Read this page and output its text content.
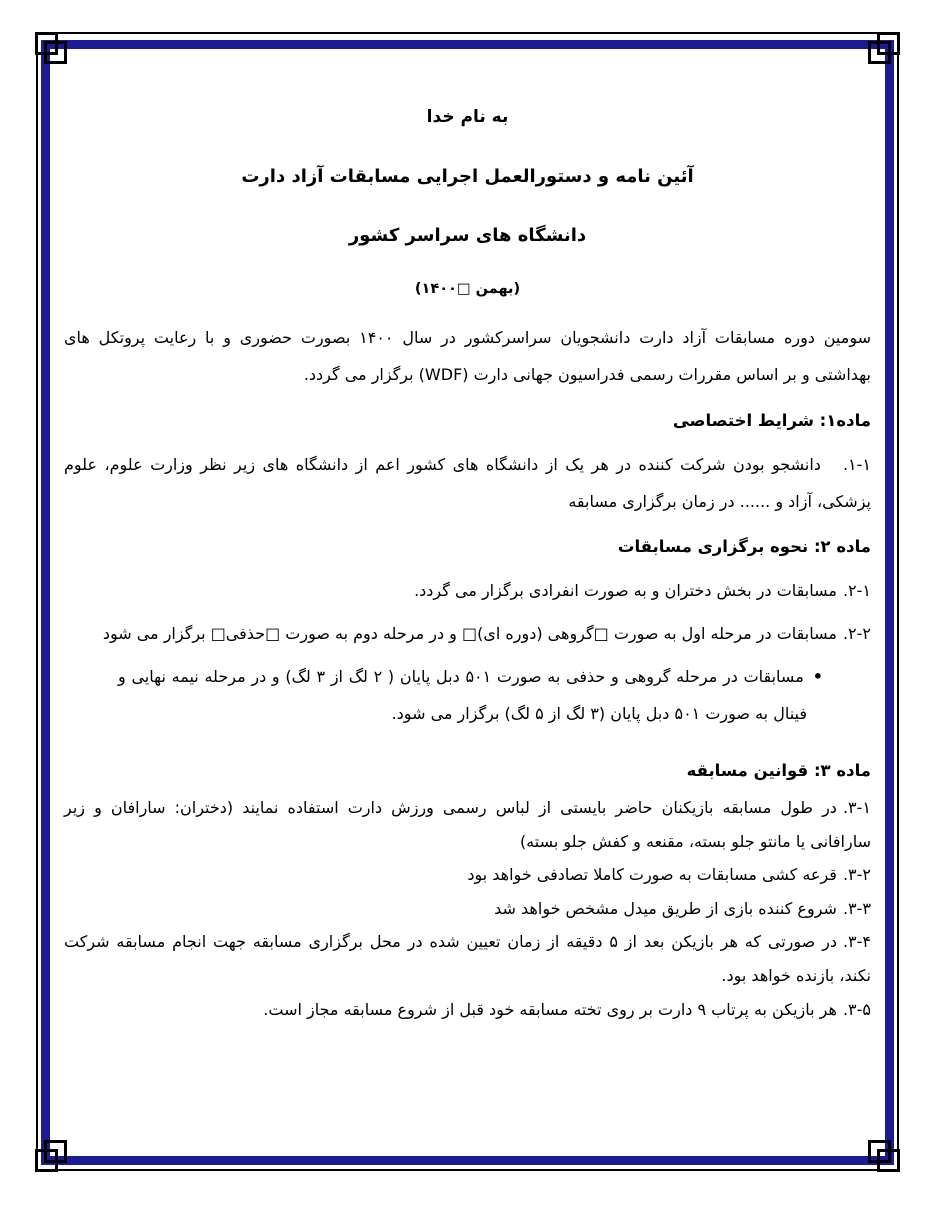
به نام خدا
آئین نامه و دستورالعمل اجرایی مسابقات آزاد دارت
دانشگاه های سراسر کشور
(بهمن □۱۴۰۰)

سومین دوره مسابقات آزاد دارت دانشجویان سراسرکشور در سال ۱۴۰۰ بصورت حضوری و با رعایت پروتکل های بهداشتی و بر اساس مقررات رسمی فدراسیون جهانی دارت (WDF) برگزار می گردد.

ماده۱: شرایط اختصاصی
۱-۱.دانشجو بودن شرکت کننده در هر یک از دانشگاه های کشور اعم از دانشگاه های زیر نظر وزارت علوم، علوم پزشکی، آزاد و ...... در زمان برگزاری مسابقه
ماده ۲: نحوه برگزاری مسابقات
۲-۱.مسابقات در بخش دختران و به صورت انفرادی برگزار می گردد.
۲-۲.مسابقات در مرحله اول به صورت □گروهی (دوره ای)□ و در مرحله دوم به صورت □حذفی□ برگزار می شود
•مسابقات در مرحله گروهی و حذفی به صورت ۵۰۱ دبل پایان ( ۲ لگ از ۳ لگ) و در مرحله نیمه نهایی و فینال به صورت ۵۰۱ دبل پایان (۳ لگ از ۵ لگ) برگزار می شود.
ماده ۳: قوانین مسابقه
۳-۱.در طول مسابقه بازیکنان حاضر بایستی از لباس رسمی ورزش دارت استفاده نمایند (دختران: سارافان و زیر سارافانی یا مانتو جلو بسته، مقنعه و کفش جلو بسته)
۳-۲.قرعه کشی مسابقات به صورت کاملا تصادفی خواهد بود
۳-۳.شروع کننده بازی از طریق میدل مشخص خواهد شد
۳-۴.در صورتی که هر بازیکن بعد از ۵ دقیقه از زمان تعیین شده در محل برگزاری مسابقه جهت انجام مسابقه شرکت نکند، بازنده خواهد بود.
۳-۵.هر بازیکن به پرتاب ۹ دارت بر روی تخته مسابقه خود قبل از شروع مسابقه مجاز است.
